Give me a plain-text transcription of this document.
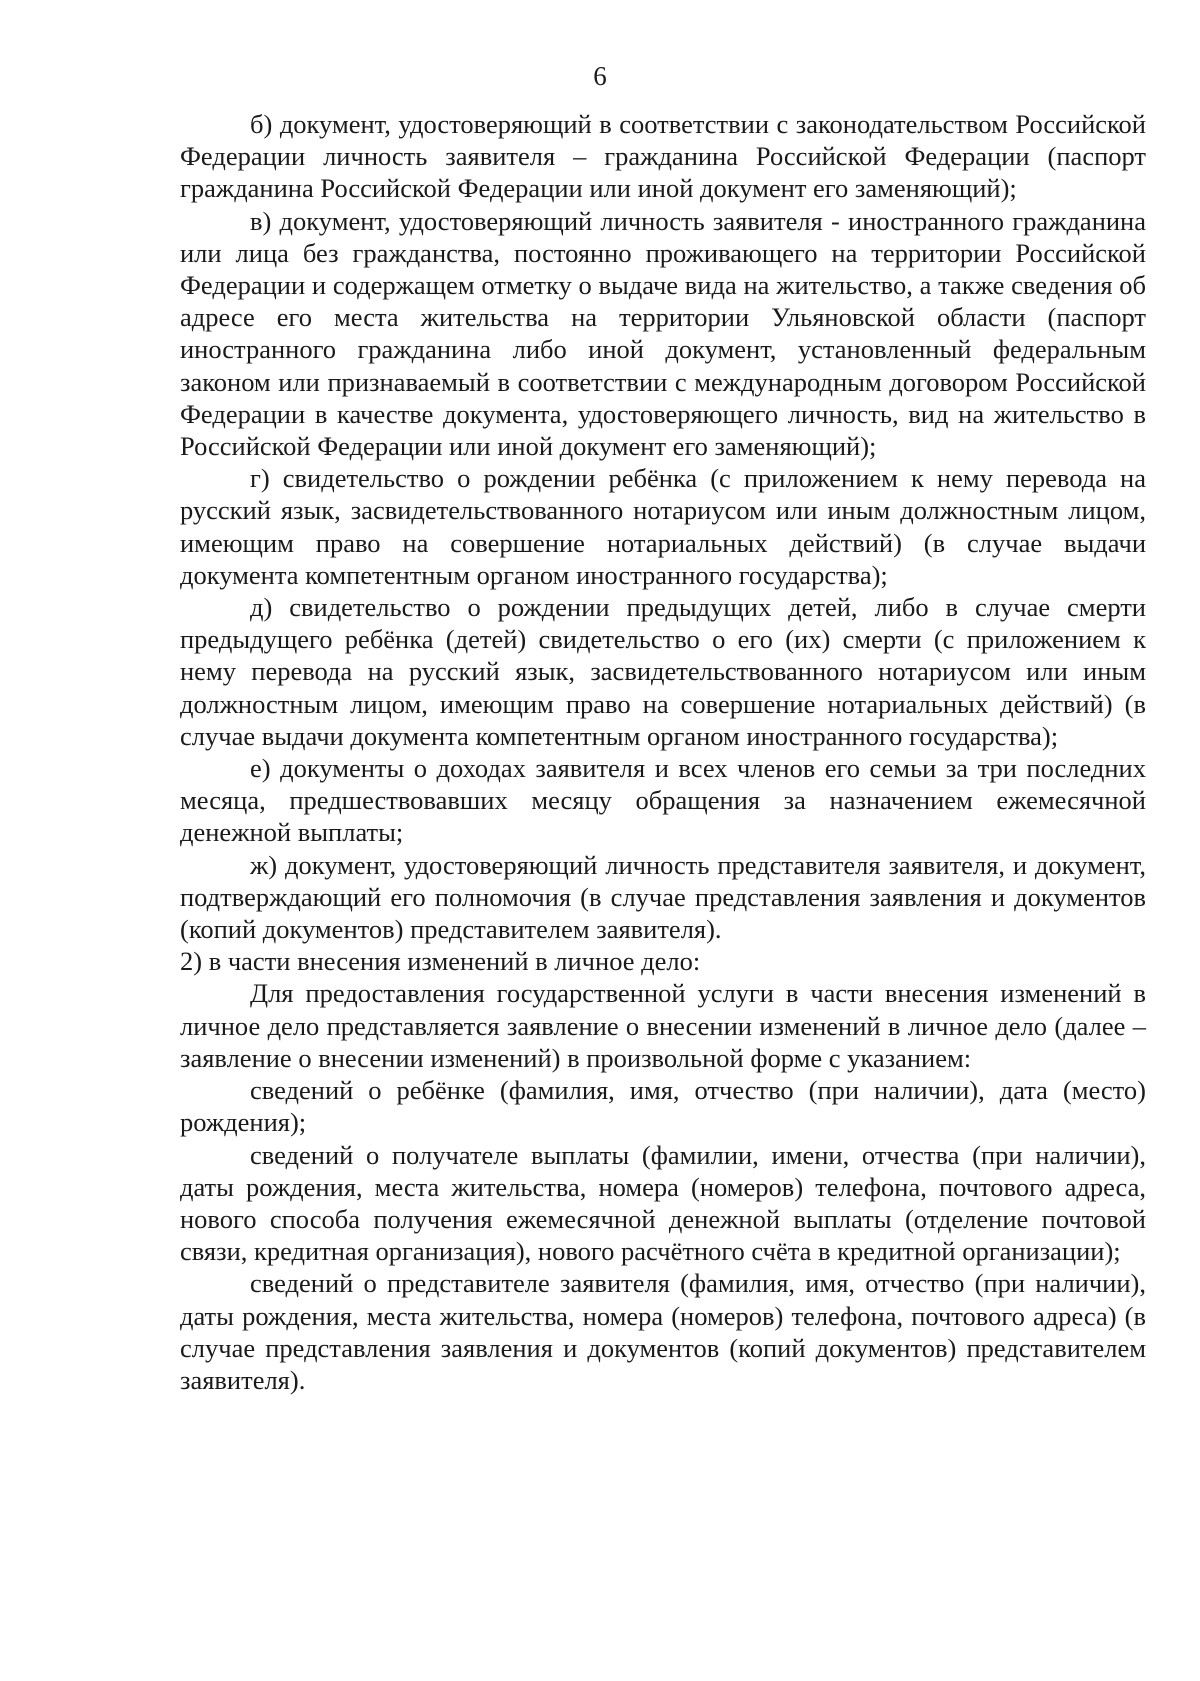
6

б) документ, удостоверяющий в соответствии с законодательством Российской Федерации личность заявителя – гражданина Российской Федерации (паспорт гражданина Российской Федерации или иной документ его заменяющий);

в) документ, удостоверяющий личность заявителя - иностранного гражданина или лица без гражданства, постоянно проживающего на территории Российской Федерации и содержащем отметку о выдаче вида на жительство, а также сведения об адресе его места жительства на территории Ульяновской области (паспорт иностранного гражданина либо иной документ, установленный федеральным законом или признаваемый в соответствии с международным договором Российской Федерации в качестве документа, удостоверяющего личность, вид на жительство в Российской Федерации или иной документ его заменяющий);

г) свидетельство о рождении ребёнка (с приложением к нему перевода на русский язык, засвидетельствованного нотариусом или иным должностным лицом, имеющим право на совершение нотариальных действий) (в случае выдачи документа компетентным органом иностранного государства);

д) свидетельство о рождении предыдущих детей, либо в случае смерти предыдущего ребёнка (детей) свидетельство о его (их) смерти (с приложением к нему перевода на русский язык, засвидетельствованного нотариусом или иным должностным лицом, имеющим право на совершение нотариальных действий) (в случае выдачи документа компетентным органом иностранного государства);

е) документы о доходах заявителя и всех членов его семьи за три последних месяца, предшествовавших месяцу обращения за назначением ежемесячной денежной выплаты;

ж) документ, удостоверяющий личность представителя заявителя, и документ, подтверждающий его полномочия (в случае представления заявления и документов (копий документов) представителем заявителя).

2) в части внесения изменений в личное дело:

Для предоставления государственной услуги в части внесения изменений в личное дело представляется заявление о внесении изменений в личное дело (далее – заявление о внесении изменений) в произвольной форме с указанием:

сведений о ребёнке (фамилия, имя, отчество (при наличии), дата (место) рождения);

сведений о получателе выплаты (фамилии, имени, отчества (при наличии), даты рождения, места жительства, номера (номеров) телефона, почтового адреса, нового способа получения ежемесячной денежной выплаты (отделение почтовой связи, кредитная организация), нового расчётного счёта в кредитной организации);

сведений о представителе заявителя (фамилия, имя, отчество (при наличии), даты рождения, места жительства, номера (номеров) телефона, почтового адреса) (в случае представления заявления и документов (копий документов) представителем заявителя).
